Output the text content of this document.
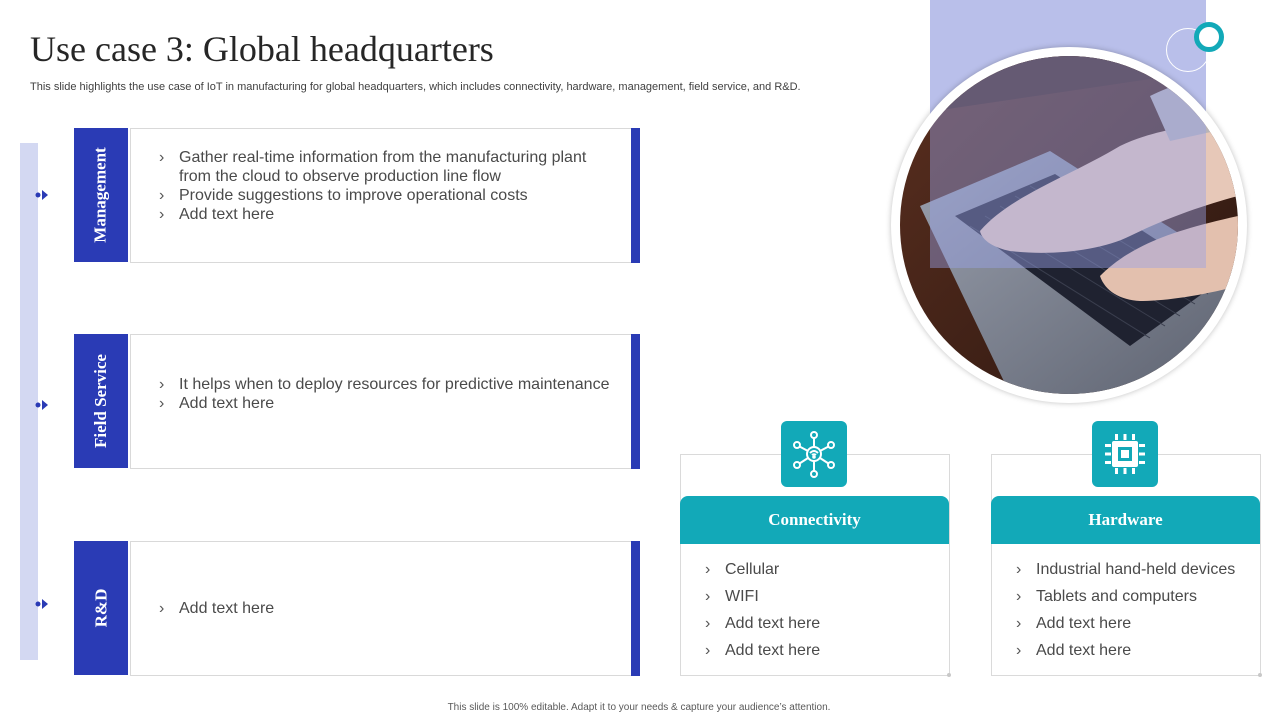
Use case 3: Global headquarters

This slide highlights the use case of IoT in manufacturing for global headquarters, which includes connectivity, hardware, management, field service, and R&D.

Management	› Gather real-time information from the manufacturing plant from the cloud to observe production line flow
› Provide suggestions to improve operational costs
› Add text here
Field Service	› It helps when to deploy resources for predictive maintenance
› Add text here
R&D	› Add text here
Connectivity
› Cellular
› WIFI
› Add text here
› Add text here
Hardware
› Industrial hand-held devices
› Tablets and computers
› Add text here
› Add text here
This slide is 100% editable. Adapt it to your needs & capture your audience’s attention.
